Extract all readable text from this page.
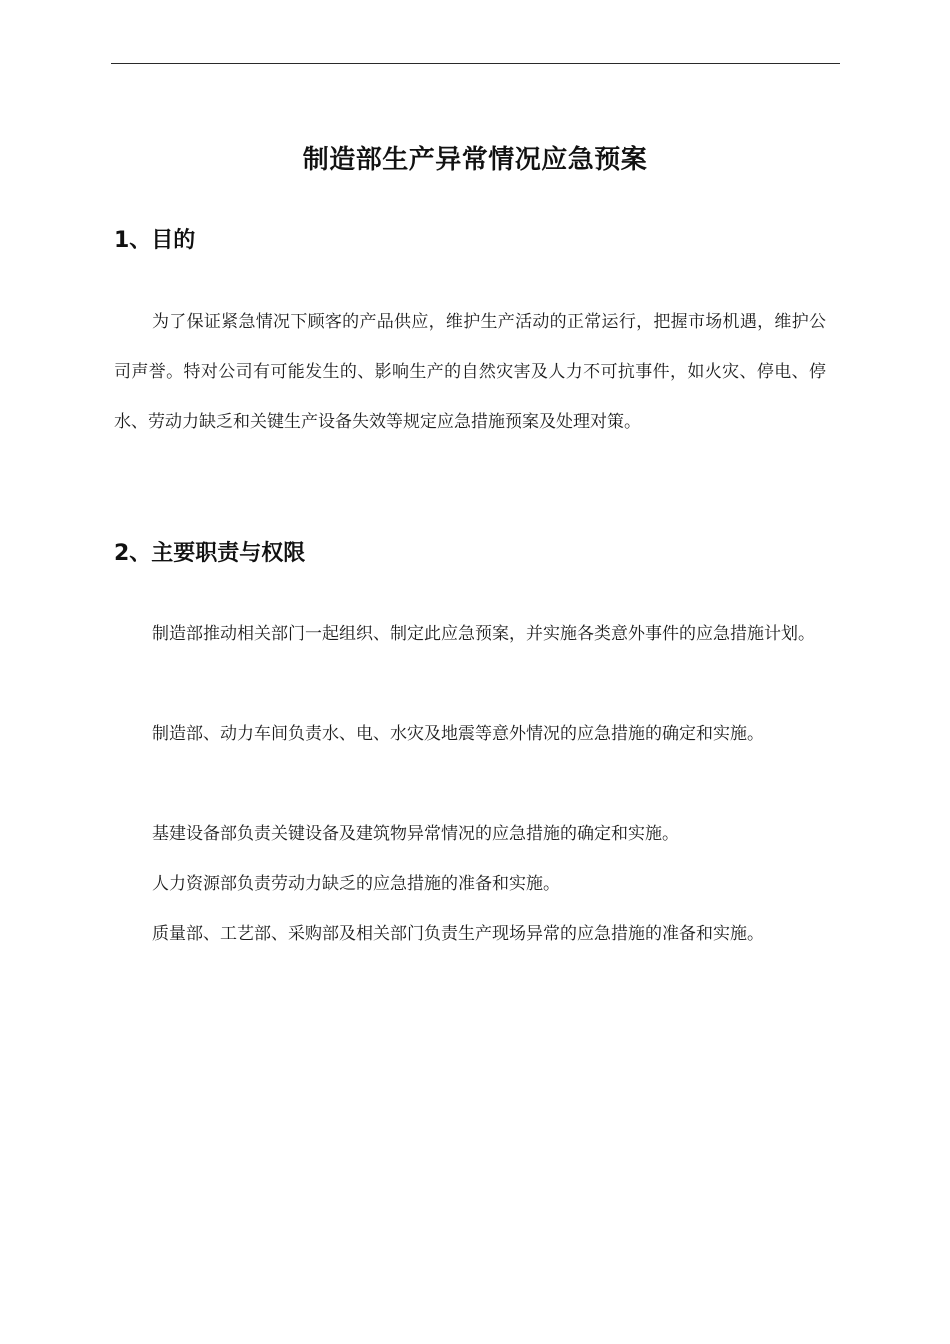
制造部生产异常情况应急预案
1、目的
为了保证紧急情况下顾客的产品供应，维护生产活动的正常运行，把握市场机遇，维护公司声誉。特对公司有可能发生的、影响生产的自然灾害及人力不可抗事件，如火灾、停电、停水、劳动力缺乏和关键生产设备失效等规定应急措施预案及处理对策。
2、主要职责与权限
制造部推动相关部门一起组织、制定此应急预案，并实施各类意外事件的应急措施计划。
制造部、动力车间负责水、电、水灾及地震等意外情况的应急措施的确定和实施。
基建设备部负责关键设备及建筑物异常情况的应急措施的确定和实施。
人力资源部负责劳动力缺乏的应急措施的准备和实施。
质量部、工艺部、采购部及相关部门负责生产现场异常的应急措施的准备和实施。
